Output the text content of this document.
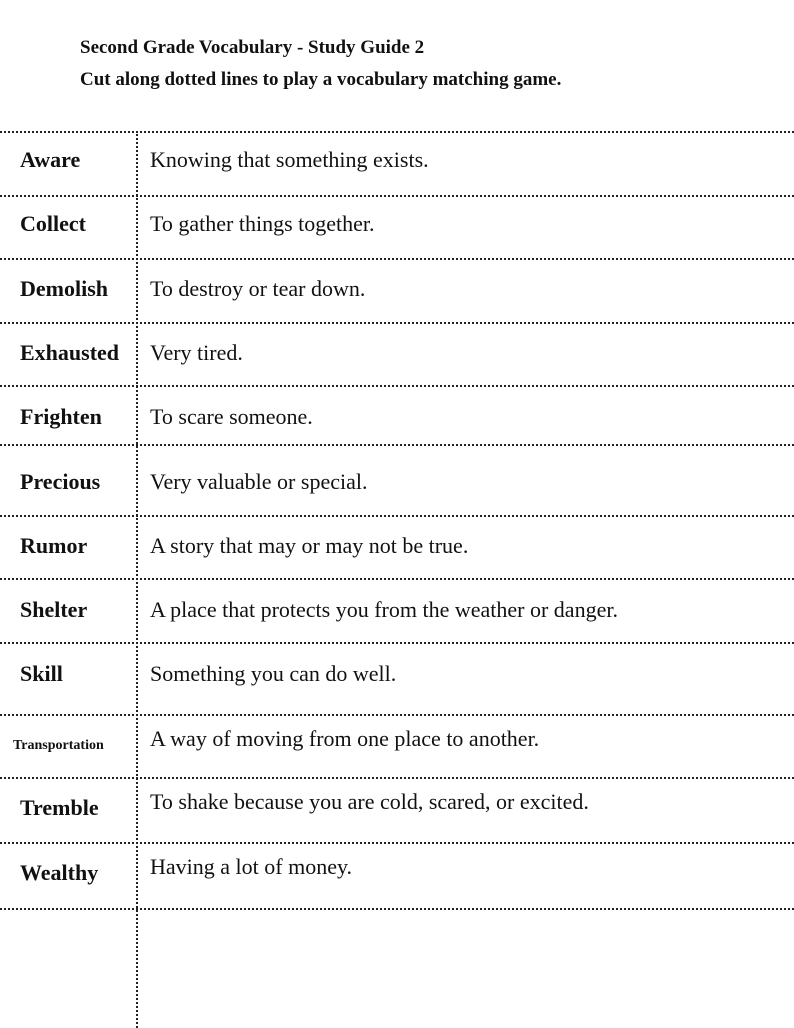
Second Grade Vocabulary - Study Guide 2
Cut along dotted lines to play a vocabulary matching game.
Aware	Knowing that something exists.
Collect	To gather things together.
Demolish To destroy or tear down.
Exhausted Very tired.
Frighten To scare someone.
Precious Very valuable or special.
Rumor	A story that may or may not be true.
Shelter	A place that protects you from the weather or danger.
Skill	Something you can do well.
Transportation A way of moving from one place to another.
Tremble To shake because you are cold, scared, or excited.
Wealthy Having a lot of money.
